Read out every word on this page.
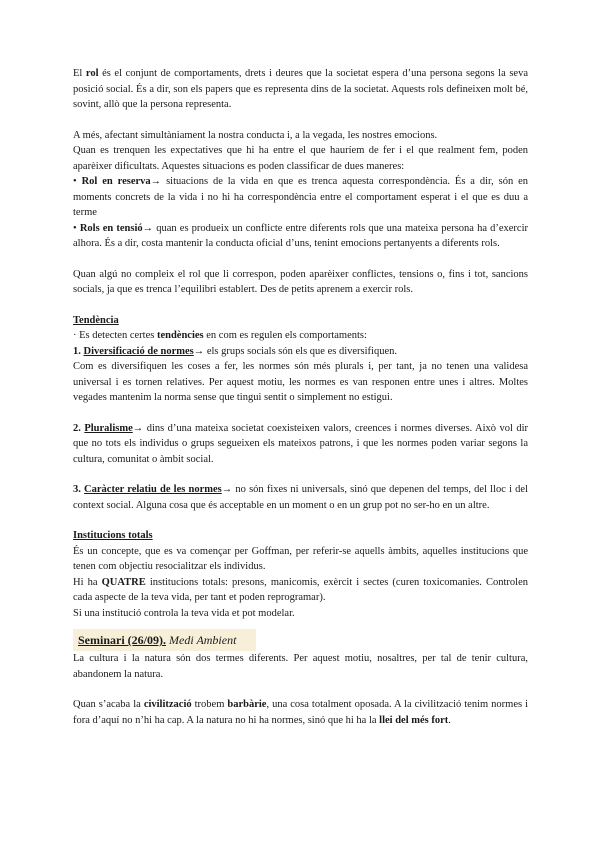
El rol és el conjunt de comportaments, drets i deures que la societat espera d’una persona segons la seva posició social. És a dir, son els papers que es representa dins de la societat. Aquests rols defineixen molt bé, sovint, allò que la persona representa.

A més, afectant simultàniament la nostra conducta i, a la vegada, les nostres emocions.

Quan es trenquen les expectatives que hi ha entre el que hauríem de fer i el que realment fem, poden aparèixer dificultats. Aquestes situacions es poden classificar de dues maneres:

• Rol en reserva→ situacions de la vida en que es trenca aquesta correspondència. És a dir, són en moments concrets de la vida i no hi ha correspondència entre el comportament esperat i el que es duu a terme

• Rols en tensió→ quan es produeix un conflicte entre diferents rols que una mateixa persona ha d’exercir alhora. És a dir, costa mantenir la conducta oficial d’uns, tenint emocions pertanyents a diferents rols.

Quan algú no compleix el rol que li correspon, poden aparèixer conflictes, tensions o, fins i tot, sancions socials, ja que es trenca l’equilibri establert. Des de petits aprenem a exercir rols.

Tendència

· Es detecten certes tendències en com es regulen els comportaments:

1. Diversificació de normes→ els grups socials són els que es diversifiquen.

Com es diversifiquen les coses a fer, les normes són més plurals i, per tant, ja no tenen una validesa universal i es tornen relatives. Per aquest motiu, les normes es van responen entre unes i altres. Moltes vegades mantenim la norma sense que tingui sentit o simplement no estigui.

2. Pluralisme→ dins d’una mateixa societat coexisteixen valors, creences i normes diverses. Això vol dir que no tots els individus o grups segueixen els mateixos patrons, i que les normes poden variar segons la cultura, comunitat o àmbit social.

3. Caràcter relatiu de les normes→ no són fixes ni universals, sinó que depenen del temps, del lloc i del context social. Alguna cosa que és acceptable en un moment o en un grup pot no ser-ho en un altre.

Institucions totals

És un concepte, que es va començar per Goffman, per referir-se aquells àmbits, aquelles institucions que tenen com objectiu resocialitzar els individus.

Hi ha QUATRE institucions totals: presons, manicomis, exèrcit i sectes (curen toxicomanies. Controlen cada aspecte de la teva vida, per tant et poden reprogramar).

Si una institució controla la teva vida et pot modelar.

Seminari (26/09). Medi Ambient

La cultura i la natura són dos termes diferents. Per aquest motiu, nosaltres, per tal de tenir cultura, abandonem la natura.

Quan s’acaba la civilització trobem barbàrie, una cosa totalment oposada. A la civilització tenim normes i fora d’aquí no n’hi ha cap. A la natura no hi ha normes, sinó que hi ha la llei del més fort.
